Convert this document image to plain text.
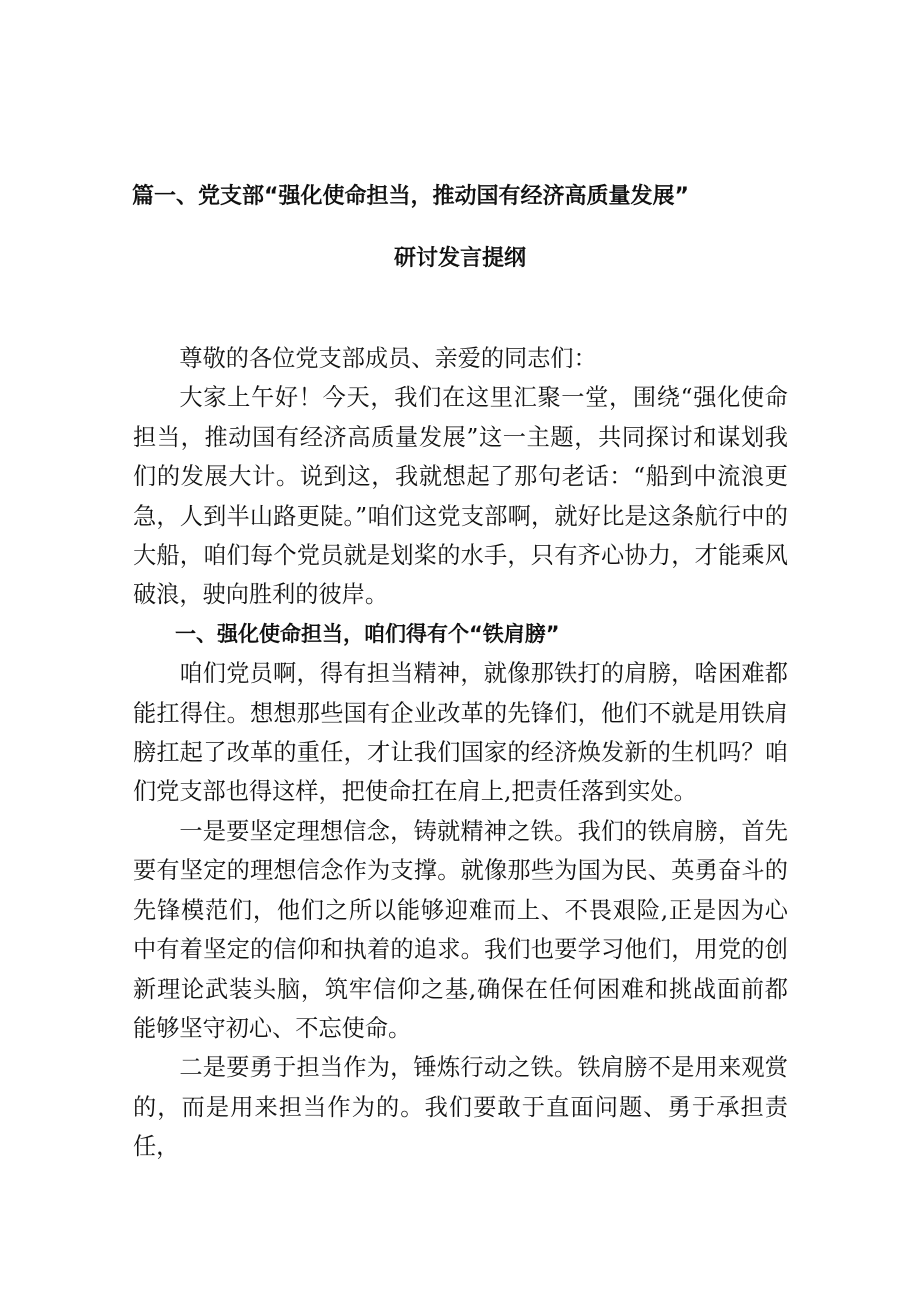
篇一、党支部“强化使命担当，推动国有经济高质量发展”
研讨发言提纲

尊敬的各位党支部成员、亲爱的同志们：

大家上午好！今天，我们在这里汇聚一堂，围绕“强化使命担当，推动国有经济高质量发展”这一主题，共同探讨和谋划我们的发展大计。说到这，我就想起了那句老话：“船到中流浪更急，人到半山路更陡。”咱们这党支部啊，就好比是这条航行中的大船，咱们每个党员就是划桨的水手，只有齐心协力，才能乘风破浪，驶向胜利的彼岸。

一、强化使命担当，咱们得有个“铁肩膀”

咱们党员啊，得有担当精神，就像那铁打的肩膀，啥困难都能扛得住。想想那些国有企业改革的先锋们，他们不就是用铁肩膀扛起了改革的重任，才让我们国家的经济焕发新的生机吗？咱们党支部也得这样，把使命扛在肩上,把责任落到实处。

一是要坚定理想信念，铸就精神之铁。我们的铁肩膀，首先要有坚定的理想信念作为支撑。就像那些为国为民、英勇奋斗的先锋模范们，他们之所以能够迎难而上、不畏艰险,正是因为心中有着坚定的信仰和执着的追求。我们也要学习他们，用党的创新理论武装头脑，筑牢信仰之基,确保在任何困难和挑战面前都能够坚守初心、不忘使命。

二是要勇于担当作为，锤炼行动之铁。铁肩膀不是用来观赏的，而是用来担当作为的。我们要敢于直面问题、勇于承担责任，
